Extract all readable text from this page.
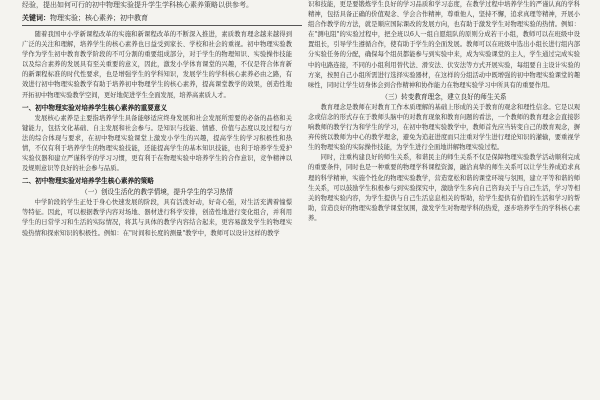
经验，提出如何可行的初中物理实验提升学生学科核心素养策略以供参考。
关键词：物理实验；核心素养；初中教育

随着我国中小学新课程改革的实施和新课程改革的不断深入推进，素质教育理念越来越得到广泛的关注和理解，培养学生的核心素养也日益受到家长、学校和社会的重视。初中物理实验教学作为学生初中教育教学阶段的不可分割的重要组成部分，对于学生的物理知识、实验操作技能以及综合素养的发展具有至关重要的意义，因此，激发小学体育课堂的兴趣，不仅是符合体育新的新课程标准的时代性要求，也是增强学生的学科知识，发展学生的学科核心素养必由之路，有效进行初中物理实验教学有助于培养初中物理学生的核心素养，提高课堂教学的效果，创造性地开拓初中物理实验教学空间，更好地促进学生全面发展，培养高素质人才。

一、初中物理实验对培养学生核心素养的重要意义

发展核心素养是主要指培养学生具备能够适应终身发展和社会发展所需要的必备的品格和关键能力，包括文化基础、自主发展和社会参与。是知识与技能、情感、价值与态度以及过程与方法的综合体现与要求，在初中物理实验课堂上激发小学生的兴趣，提高学生的学习积极性和热情，不仅有利于培养学生的物理实验技能，还能提高学生的基本知识技能，也利于培养学生爱护实验仪器和建立严谨科学的学习习惯，更有利于在物理实验中培养学生的合作意识，竞争精神以及规则意识等良好的社会参与品质。

二、初中物理实验对培养学生核心素养的策略
（一）创设生活化的教学情境，提升学生的学习热情

中学阶段的学生正处于身心快速发展的阶段，具有活泼好动，好奇心强，对生活充满着憧憬等特征。因此，可以根据教学内容对场地、器材进行科学安排，创造性地进行变化组合，并利用学生的日常学习和生活的实际情况，将其与具体的教学内容结合起来，更容易激发学生的物理实验热情和探索知识的积极性。例如：在"时间和长度的测量"教学中，教师可以设计这样的教学

识和技能，更是要锻炼学生良好的学习品质和学习态度，在教学过程中培养学生的严谨认真的学科精神，包括具备正确的价值观念、学会合作精神，尊重他人，坚持不懈，追求真理等精神，开展小组合作教学的方法，就是顺应国际课改的发展方向，也有助于激发学生对物理实验的热情。例如：在"测电阻"的实验过程中，把全班以6人一组自愿组队的原则分成若干小组，教师可以在班级中设置组长，引导学生遵循合作，使有助于学生的全面发展。教师可以在班级中选出小组长进行组内部分实验任务的分配，确保每个组员都能参与到实验中来，成为实验课堂的主人，学生通过完成实验中的电路连接，不同的小组利用替代法、滑安法、伏安法等方式开展实验，每组要自主设计实验的方案，按照自己小组所需进行选择实验器材，在这样的分组活动中既增强的初中物理实验课堂的趣味性，同时让学生切身体会到合作精神和协作能力在物理实验学习中所具有的重要作用。

（三）转变教育理念，建立良好的师生关系

教育理念是教师在对教育工作本质理解的基础上形成的关于教育的观念和理性信念。它是以观念或信念的形式存在于教师头脑中的对教育现象和教育问题的看法，一个教师的教育理念会直接影响教师的教学行为和学生的学习，在初中物理实验教学中，教师首先应当转变自己的教育观念，摒弃传统以教师为中心的教学理念，避免为追赶进度而只注重对学生进行理论知识的灌输，要重视学生的物理实验的实际操作技能，为学生进行全面地讲解物理实验过程。

同时，注重构建良好的师生关系，和谐民主的师生关系不仅是保障物理实验教学活动顺利完成的重要条件，同时也是一种重要的物理学科课程资源，融洽真挚的师生关系可以让学生养成追求真理的科学精神，实施个性化的物理实验教学，营造宽松和谐的课堂环境与氛围，建立平等和谐的师生关系，可以鼓励学生积极参与到实验探究中，激励学生多向自己咨询关于与自己生活，学习等相关的物理实验内容，为学生提供与自己生活息息相关的帮助，给学生提供有价值的生活和学习的帮助，营造良好的物理实验教学课堂氛围，激发学生对物理学科的热爱，逐步培养学生的学科核心素养。
